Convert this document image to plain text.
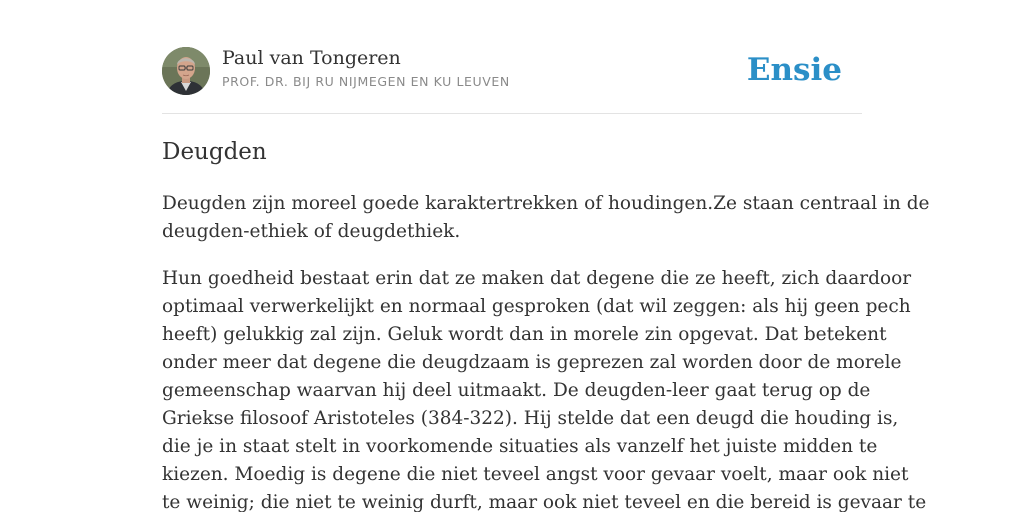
Paul van Tongeren
PROF. DR. BIJ RU NIJMEGEN EN KU LEUVEN	Ensie
Deugden

Deugden zijn moreel goede karaktertrekken of houdingen.Ze staan centraal in de
deugden-ethiek of deugdethiek.

Hun goedheid bestaat erin dat ze maken dat degene die ze heeft, zich daardoor
optimaal verwerkelijkt en normaal gesproken (dat wil zeggen: als hij geen pech
heeft) gelukkig zal zijn. Geluk wordt dan in morele zin opgevat. Dat betekent
onder meer dat degene die deugdzaam is geprezen zal worden door de morele
gemeenschap waarvan hij deel uitmaakt. De deugden-leer gaat terug op de
Griekse filosoof Aristoteles (384-322). Hij stelde dat een deugd die houding is,
die je in staat stelt in voorkomende situaties als vanzelf het juiste midden te
kiezen. Moedig is degene die niet teveel angst voor gevaar voelt, maar ook niet
te weinig; die niet te weinig durft, maar ook niet teveel en die bereid is gevaar te
